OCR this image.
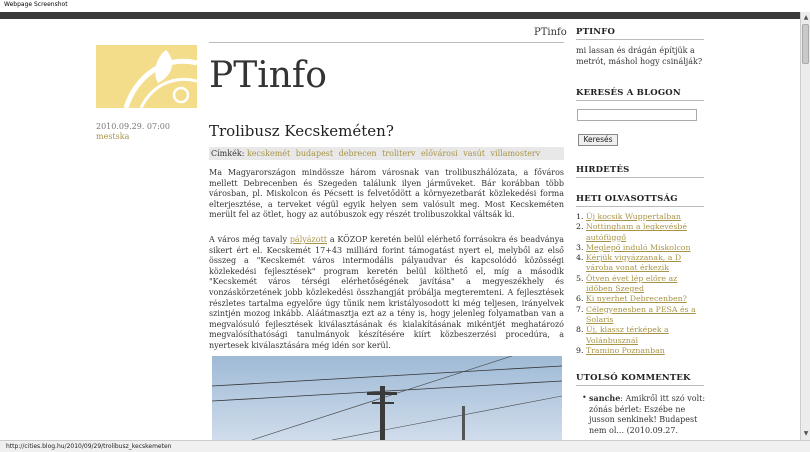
Webpage Screenshot
2010.09.29. 07:00
mestska
PTinfo
PTinfo
Trolibusz Kecskeméten?
Címkék: kecskemét budapest debrecen troliterv elővárosi vasút villamosterv
Ma Magyarországon mindössze három városnak van trolibuszhálózata, a főváros mellett Debrecenben és Szegeden találunk ilyen járműveket. Bár korábban több városban, pl. Miskolcon és Pécsett is felvetődött a környezetbarát közlekedési forma elterjesztése, a terveket végül egyik helyen sem valósult meg. Most Kecskeméten merült fel az ötlet, hogy az autóbuszok egy részét trolibuszokkal váltsák ki.
A város még tavaly pályázott a KÖZOP keretén belül elérhető forrásokra és beadványa sikert ért el. Kecskemét 17+43 milliárd forint támogatást nyert el, melyből az első összeg a "Kecskemét város intermodális pályaudvar és kapcsolódó közösségi közlekedési fejlesztések" program keretén belül költhető el, míg a második "Kecskemét város térségi elérhetőségének javítása" a megyeszékhely és vonzáskörzetének jobb közlekedési összhangját próbálja megteremteni. A fejlesztések részletes tartalma egyelőre úgy tűnik nem kristályosodott ki még teljesen, irányelvek szintjén mozog inkább. Aláátmasztja ezt az a tény is, hogy jelenleg folyamatban van a megvalósuló fejlesztések kiválasztásának és kialakításának mikéntjét meghatározó megvalósíthatósági tanulmányok készítésére kiírt közbeszerzési procedúra, a nyertesek kiválasztására még idén sor kerül.
PTINFO
mi lassan és drágán építjük a metrót, máshol hogy csinálják?
KERESÉS A BLOGON
Keresés
HIRDETÉS
HETI OLVASOTTSÁG
1. Új kocsik Wuppertalban
2. Nottingham a legkevésbé autófüggő
3. Meglepő induló Miskolcon
4. Kérjük vigyázzanak, a D vároba vonat érkezik
5. Ötven évet lép előre az időben Szeged
6. Ki nyerhet Debrecenben?
7. Célegyenesben a PESA és a Solaris
8. Új, klassz térképek a Volánbusznál
9. Tramino Poznanban
UTOLSÓ KOMMENTEK
• sanche: Amikről itt szó volt: zónás bérlet: Eszébe ne jusson senkinek! Budapest nem ol... (2010.09.27.
▲
▼
http://cities.blog.hu/2010/09/29/trolibusz_kecskemeten
